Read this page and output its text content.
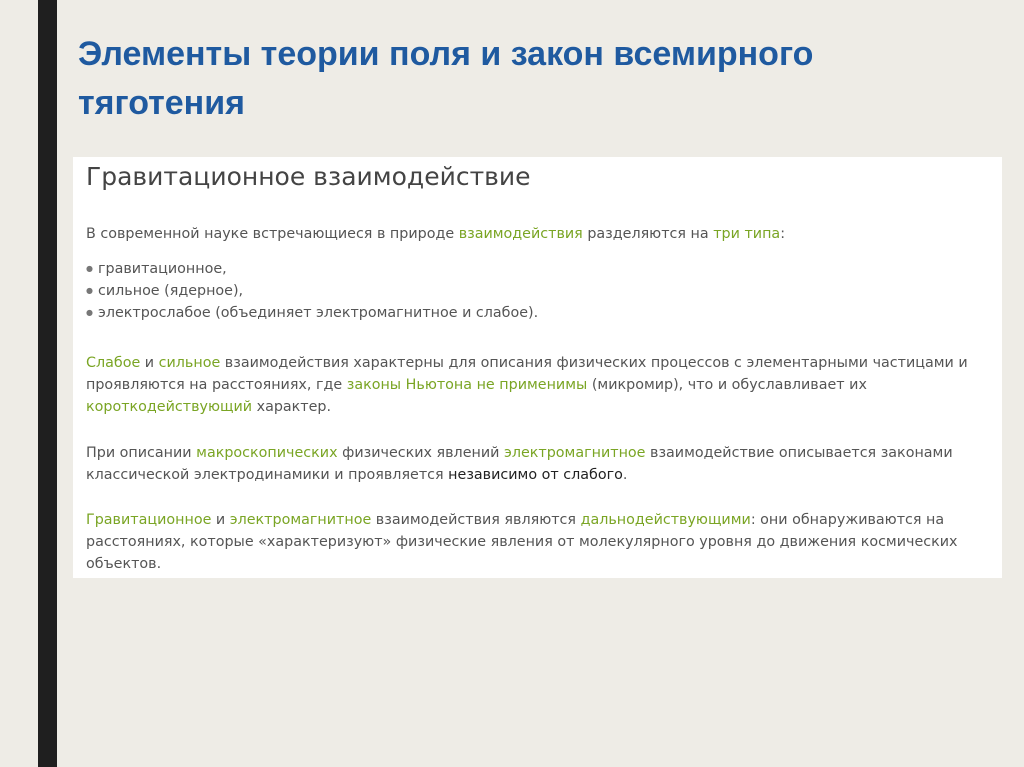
Элементы теории поля и закон всемирного
тяготения
Гравитационное взаимодействие

В современной науке встречающиеся в природе взаимодействия разделяются на три типа:

● гравитационное,
● сильное (ядерное),
● электрослабое (объединяет электромагнитное и слабое).

Слабое и сильное взаимодействия характерны для описания физических процессов с элементарными частицами и проявляются на расстояниях, где законы Ньютона не применимы (микромир), что и обуславливает их короткодействующий характер.

При описании макроскопических физических явлений электромагнитное взаимодействие описывается законами классической электродинамики и проявляется независимо от слабого.

Гравитационное и электромагнитное взаимодействия являются дальнодействующими: они обнаруживаются на расстояниях, которые «характеризуют» физические явления от молекулярного уровня до движения космических объектов.
